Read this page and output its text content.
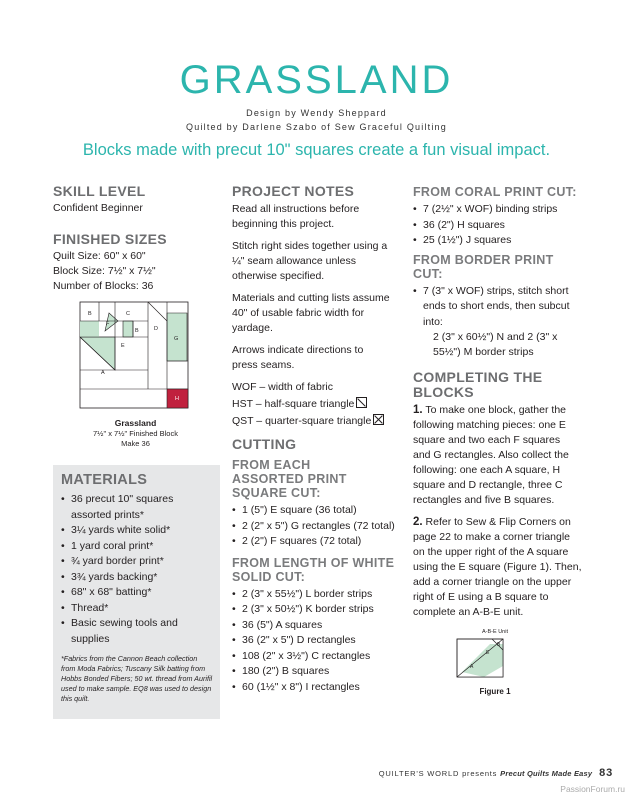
GRASSLAND
Design by Wendy Sheppard
Quilted by Darlene Szabo of Sew Graceful Quilting
Blocks made with precut 10" squares create a fun visual impact.
SKILL LEVEL
Confident Beginner
FINISHED SIZES
Quilt Size: 60" x 60"
Block Size: 7½" x 7½"
Number of Blocks: 36
B	C
F
B	D
E
G
A
H
Grassland
7½" x 7½" Finished Block
Make 36
MATERIALS
• 36 precut 10" squares assorted prints*
• 3¼ yards white solid*
• 1 yard coral print*
• ¾ yard border print*
• 3¾ yards backing*
• 68" x 68" batting*
• Thread*
• Basic sewing tools and supplies
*Fabrics from the Cannon Beach collection from Moda Fabrics; Tuscany Silk batting from Hobbs Bonded Fibers; 50 wt. thread from Aurifil used to make sample. EQ8 was used to design this quilt.
PROJECT NOTES
Read all instructions before beginning this project.
Stitch right sides together using a ¼" seam allowance unless otherwise specified.
Materials and cutting lists assume 40" of usable fabric width for yardage.
Arrows indicate directions to press seams.
WOF – width of fabric
HST – half-square triangle
QST – quarter-square triangle
CUTTING
FROM EACH ASSORTED PRINT SQUARE CUT:
• 1 (5") E square (36 total)
• 2 (2" x 5") G rectangles (72 total)
• 2 (2") F squares (72 total)
FROM LENGTH OF WHITE SOLID CUT:
• 2 (3" x 55½") L border strips
• 2 (3" x 50½") K border strips
• 36 (5") A squares
• 36 (2" x 5") D rectangles
• 108 (2" x 3½") C rectangles
• 180 (2") B squares
• 60 (1½" x 8") I rectangles
FROM CORAL PRINT CUT:
• 7 (2½" x WOF) binding strips
• 36 (2") H squares
• 25 (1½") J squares
FROM BORDER PRINT CUT:
• 7 (3" x WOF) strips, stitch short ends to short ends, then subcut into:
2 (3" x 60½") N and 2 (3" x 55½") M border strips
COMPLETING THE BLOCKS
1. To make one block, gather the following matching pieces: one E square and two each F squares and G rectangles. Also collect the following: one each A square, H square and D rectangle, three C rectangles and five B squares.
2. Refer to Sew & Flip Corners on page 22 to make a corner triangle on the upper right of the A square using the E square (Figure 1). Then, add a corner triangle on the upper right of E using a B square to complete an A-B-E unit.
A-B-E Unit
B
E
A
Figure 1
QUILTER'S WORLD presents Precut Quilts Made Easy 83
PassionForum.ru
